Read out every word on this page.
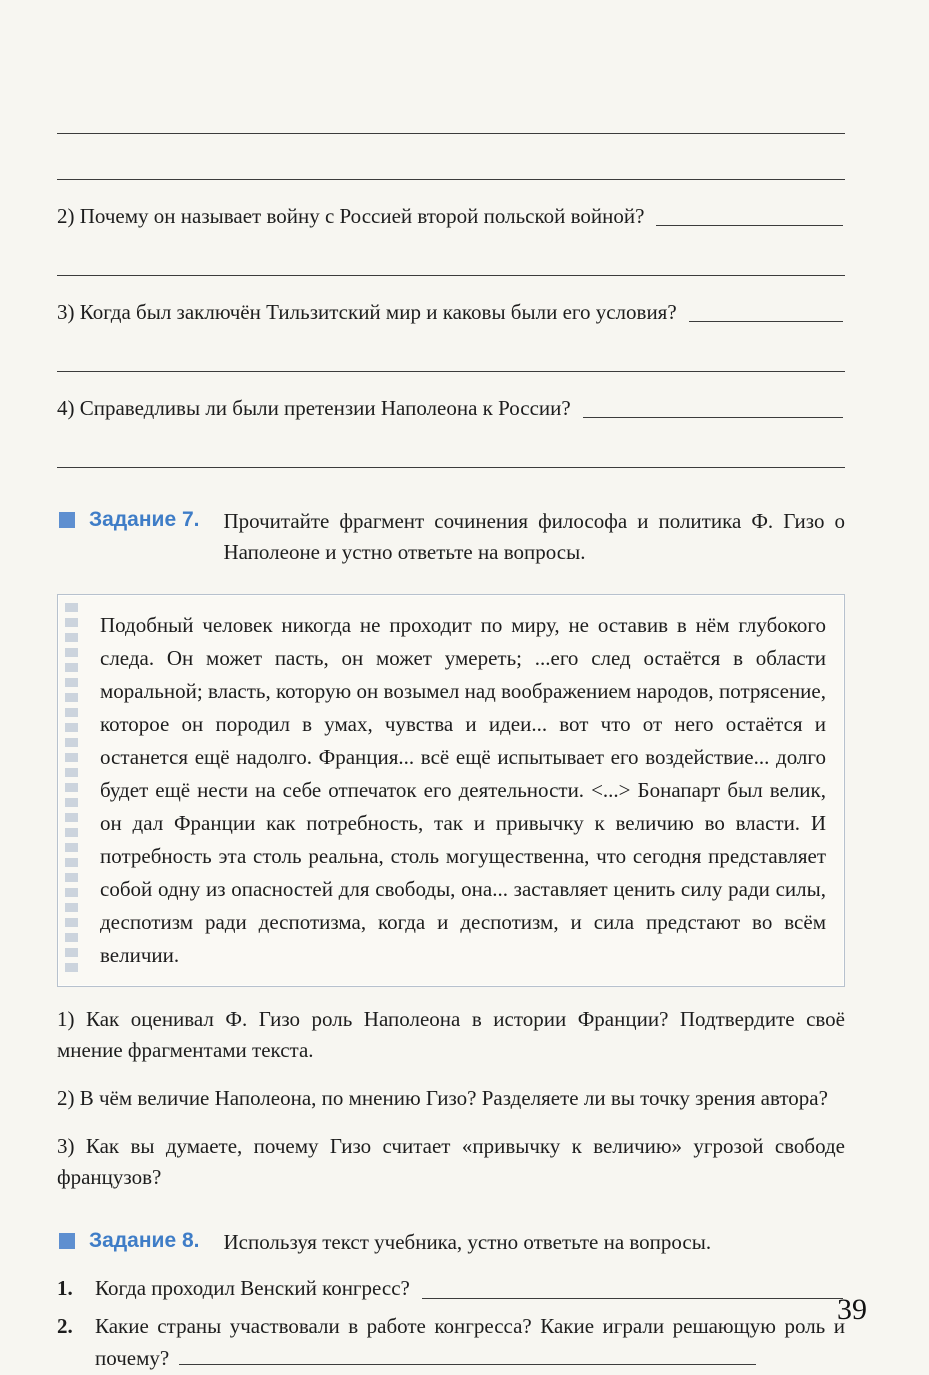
2) Почему он называет войну с Россией второй польской войной?
3) Когда был заключён Тильзитский мир и каковы были его условия?
4) Справедливы ли были претензии Наполеона к России?
Задание 7. Прочитайте фрагмент сочинения философа и политика Ф. Гизо о Наполеоне и устно ответьте на вопросы.
Подобный человек никогда не проходит по миру, не оставив в нём глубокого следа. Он может пасть, он может умереть; ...его след остаётся в области моральной; власть, которую он возымел над воображением народов, потрясение, которое он породил в умах, чувства и идеи... вот что от него остаётся и останется ещё надолго. Франция... всё ещё испытывает его воздействие... долго будет ещё нести на себе отпечаток его деятельности. <...> Бонапарт был велик, он дал Франции как потребность, так и привычку к величию во власти. И потребность эта столь реальна, столь могущественна, что сегодня представляет собой одну из опасностей для свободы, она... заставляет ценить силу ради силы, деспотизм ради деспотизма, когда и деспотизм, и сила предстают во всём величии.
1) Как оценивал Ф. Гизо роль Наполеона в истории Франции? Подтвердите своё мнение фрагментами текста.
2) В чём величие Наполеона, по мнению Гизо? Разделяете ли вы точку зрения автора?
3) Как вы думаете, почему Гизо считает «привычку к величию» угрозой свободе французов?
Задание 8. Используя текст учебника, устно ответьте на вопросы.
1.	Когда проходил Венский конгресс?
2.	Какие страны участвовали в работе конгресса? Какие играли решающую роль и почему?
39
